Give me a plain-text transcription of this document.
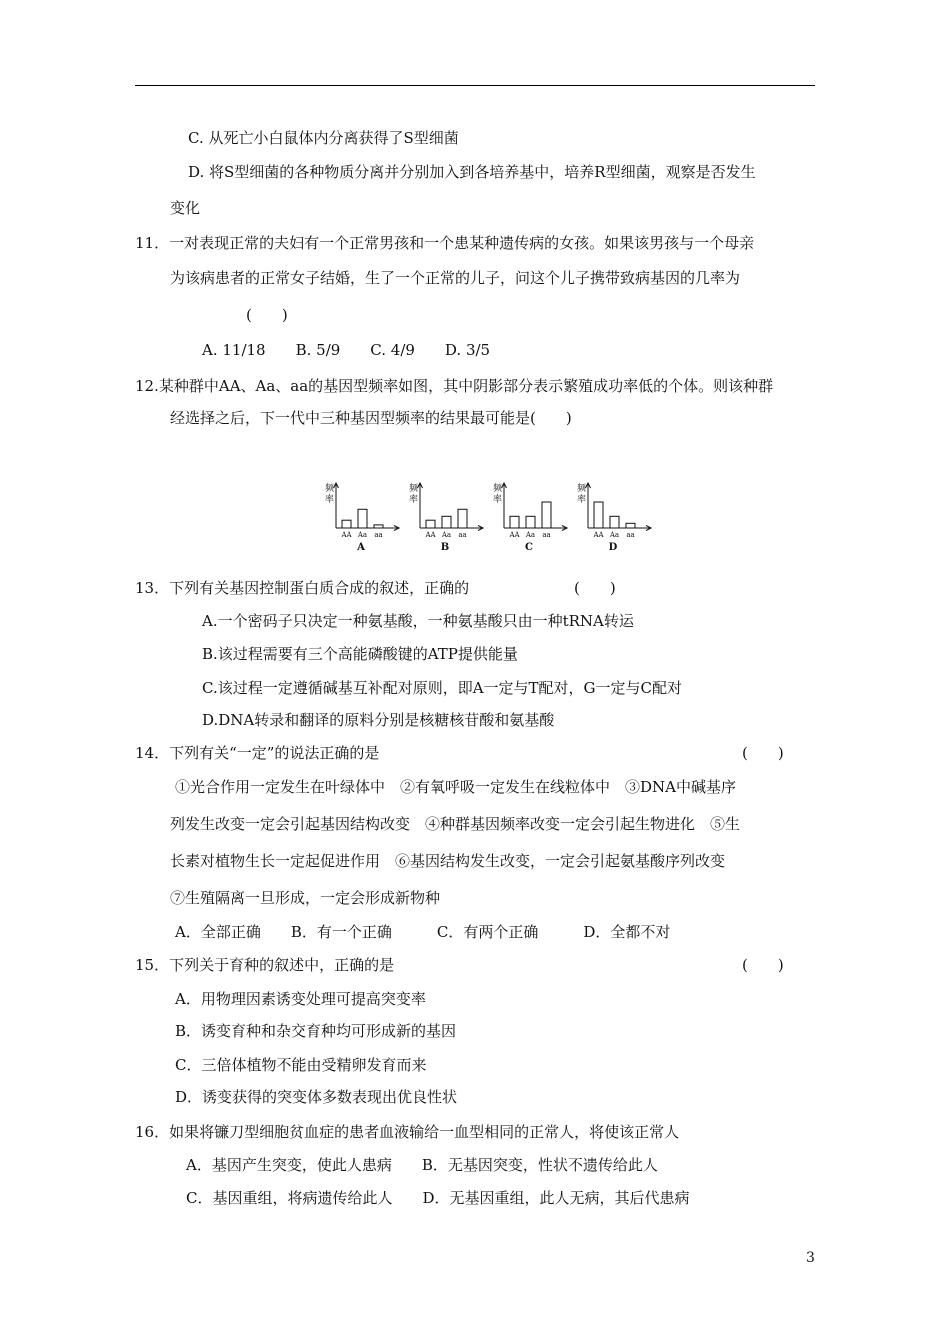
C. 从死亡小白鼠体内分离获得了S型细菌
D. 将S型细菌的各种物质分离并分别加入到各培养基中，培养R型细菌，观察是否发生
变化
11．一对表现正常的夫妇有一个正常男孩和一个患某种遗传病的女孩。如果该男孩与一个母亲
为该病患者的正常女子结婚，生了一个正常的儿子，问这个儿子携带致病基因的几率为
(　　)
A. 11/18　　B. 5/9　　C. 4/9　　D. 3/5
12.某种群中AA、Aa、aa的基因型频率如图，其中阴影部分表示繁殖成功率低的个体。则该种群
经选择之后，下一代中三种基因型频率的结果最可能是(　　)
频
率
AA Aa aa
A
频
率
AA Aa aa
B
频
率
AA Aa aa
C
频
率
AA Aa aa
D
13．下列有关基因控制蛋白质合成的叙述，正确的	(　　)
A.一个密码子只决定一种氨基酸，一种氨基酸只由一种tRNA转运
B.该过程需要有三个高能磷酸键的ATP提供能量
C.该过程一定遵循碱基互补配对原则，即A一定与T配对，G一定与C配对
D.DNA转录和翻译的原料分别是核糖核苷酸和氨基酸
14．下列有关“一定”的说法正确的是	(　　)
①光合作用一定发生在叶绿体中　②有氧呼吸一定发生在线粒体中　③DNA中碱基序
列发生改变一定会引起基因结构改变　④种群基因频率改变一定会引起生物进化　⑤生
长素对植物生长一定起促进作用　⑥基因结构发生改变，一定会引起氨基酸序列改变
⑦生殖隔离一旦形成，一定会形成新物种
A．全部正确　　B．有一个正确　　　C．有两个正确　　　D．全都不对
15．下列关于育种的叙述中，正确的是	(　　)
A．用物理因素诱变处理可提高突变率
B．诱变育种和杂交育种均可形成新的基因
C．三倍体植物不能由受精卵发育而来
D．诱变获得的突变体多数表现出优良性状
16．如果将镰刀型细胞贫血症的患者血液输给一血型相同的正常人，将使该正常人
A．基因产生突变，使此人患病　　B．无基因突变，性状不遗传给此人
C．基因重组，将病遗传给此人　　D．无基因重组，此人无病，其后代患病
3
